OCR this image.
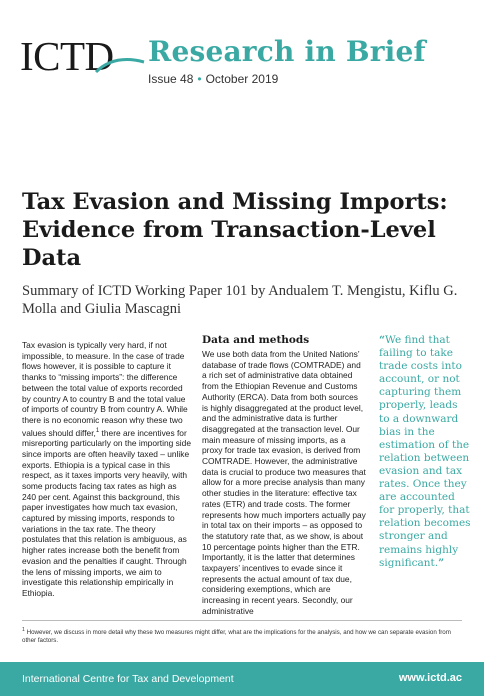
ICTD Research in Brief
Issue 48 • October 2019
Tax Evasion and Missing Imports: Evidence from Transaction-Level Data
Summary of ICTD Working Paper 101 by Andualem T. Mengistu, Kiflu G. Molla and Giulia Mascagni
Tax evasion is typically very hard, if not impossible, to measure. In the case of trade flows however, it is possible to capture it thanks to “missing imports”: the difference between the total value of exports recorded by country A to country B and the total value of imports of country B from country A. While there is no economic reason why these two values should differ,$^1$ there are incentives for misreporting particularly on the importing side since imports are often heavily taxed – unlike exports. Ethiopia is a typical case in this respect, as it taxes imports very heavily, with some products facing tax rates as high as 240 per cent. Against this background, this paper investigates how much tax evasion, captured by missing imports, responds to variations in the tax rate. The theory postulates that this relation is ambiguous, as higher rates increase both the benefit from evasion and the penalties if caught. Through the lens of missing imports, we aim to investigate this relationship empirically in Ethiopia.
Data and methods
We use both data from the United Nations’ database of trade flows (COMTRADE) and a rich set of administrative data obtained from the Ethiopian Revenue and Customs Authority (ERCA). Data from both sources is highly disaggregated at the product level, and the administrative data is further disaggregated at the transaction level. Our main measure of missing imports, as a proxy for trade tax evasion, is derived from COMTRADE. However, the administrative data is crucial to produce two measures that allow for a more precise analysis than many other studies in the literature: effective tax rates (ETR) and trade costs. The former represents how much importers actually pay in total tax on their imports – as opposed to the statutory rate that, as we show, is about 10 percentage points higher than the ETR. Importantly, it is the latter that determines taxpayers’ incentives to evade since it represents the actual amount of tax due, considering exemptions, which are increasing in recent years. Secondly, our administrative
“We find that failing to take trade costs into account, or not capturing them properly, leads to a downward bias in the estimation of the relation between evasion and tax rates. Once they are accounted for properly, that relation becomes stronger and remains highly significant.”
$^1$ However, we discuss in more detail why these two measures might differ, what are the implications for the analysis, and how we can separate evasion from other factors.
International Centre for Tax and Development	www.ictd.ac
